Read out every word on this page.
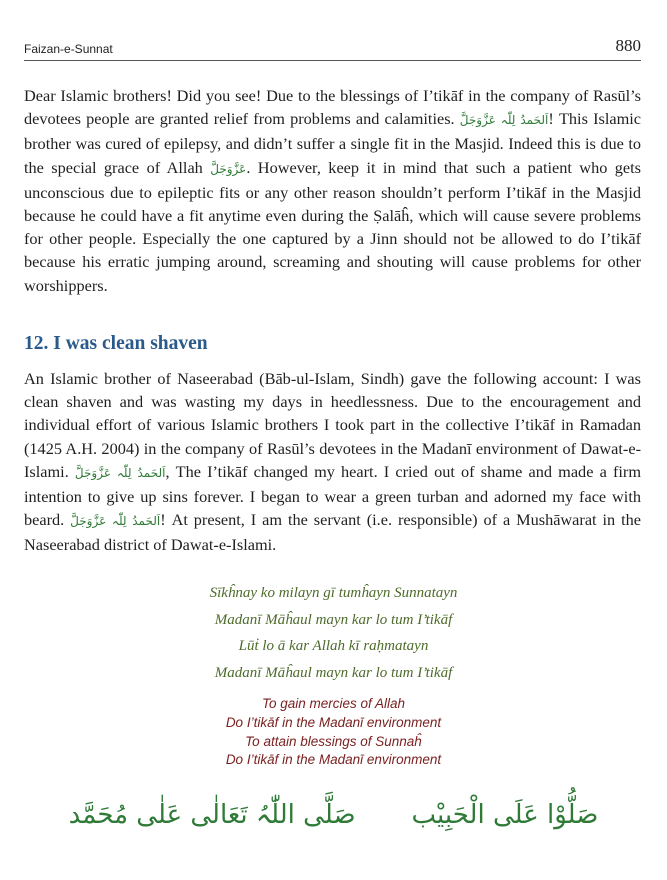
Faizan-e-Sunnat	880

Dear Islamic brothers! Did you see! Due to the blessings of I’tikāf in the company of Rasūl’s devotees people are granted relief from problems and calamities. اَلحَمدُ لِلّٰہ عَزَّوَجَلَّ! This Islamic brother was cured of epilepsy, and didn’t suffer a single fit in the Masjid. Indeed this is due to the special grace of Allah عَزَّوَجَلَّ. However, keep it in mind that such a patient who gets unconscious due to epileptic fits or any other reason shouldn’t perform I’tikāf in the Masjid because he could have a fit anytime even during the Ṣalāĥ, which will cause severe problems for other people. Especially the one captured by a Jinn should not be allowed to do I’tikāf because his erratic jumping around, screaming and shouting will cause problems for other worshippers.

12. I was clean shaven

An Islamic brother of Naseerabad (Bāb-ul-Islam, Sindh) gave the following account: I was clean shaven and was wasting my days in heedlessness. Due to the encouragement and individual effort of various Islamic brothers I took part in the collective I’tikāf in Ramadan (1425 A.H. 2004) in the company of Rasūl’s devotees in the Madanī environment of Dawat-e-Islami. اَلحَمدُ لِلّٰہ عَزَّوَجَلَّ, The I’tikāf changed my heart. I cried out of shame and made a firm intention to give up sins forever. I began to wear a green turban and adorned my face with beard. اَلحَمدُ لِلّٰہ عَزَّوَجَلَّ! At present, I am the servant (i.e. responsible) of a Mushāwarat in the Naseerabad district of Dawat-e-Islami.

Sīkĥnay ko milayn gī tumĥayn Sunnatayn
Madanī Māĥaul mayn kar lo tum I’tikāf
Lūṫ lo ā kar Allah kī raḥmatayn
Madanī Māĥaul mayn kar lo tum I’tikāf
To gain mercies of Allah
Do I’tikāf in the Madanī environment
To attain blessings of Sunnaĥ
Do I’tikāf in the Madanī environment
صَلُّوْا عَلَی الْحَبِیْب صَلَّی اللّٰہُ تَعَالٰی عَلٰی مُحَمَّد
